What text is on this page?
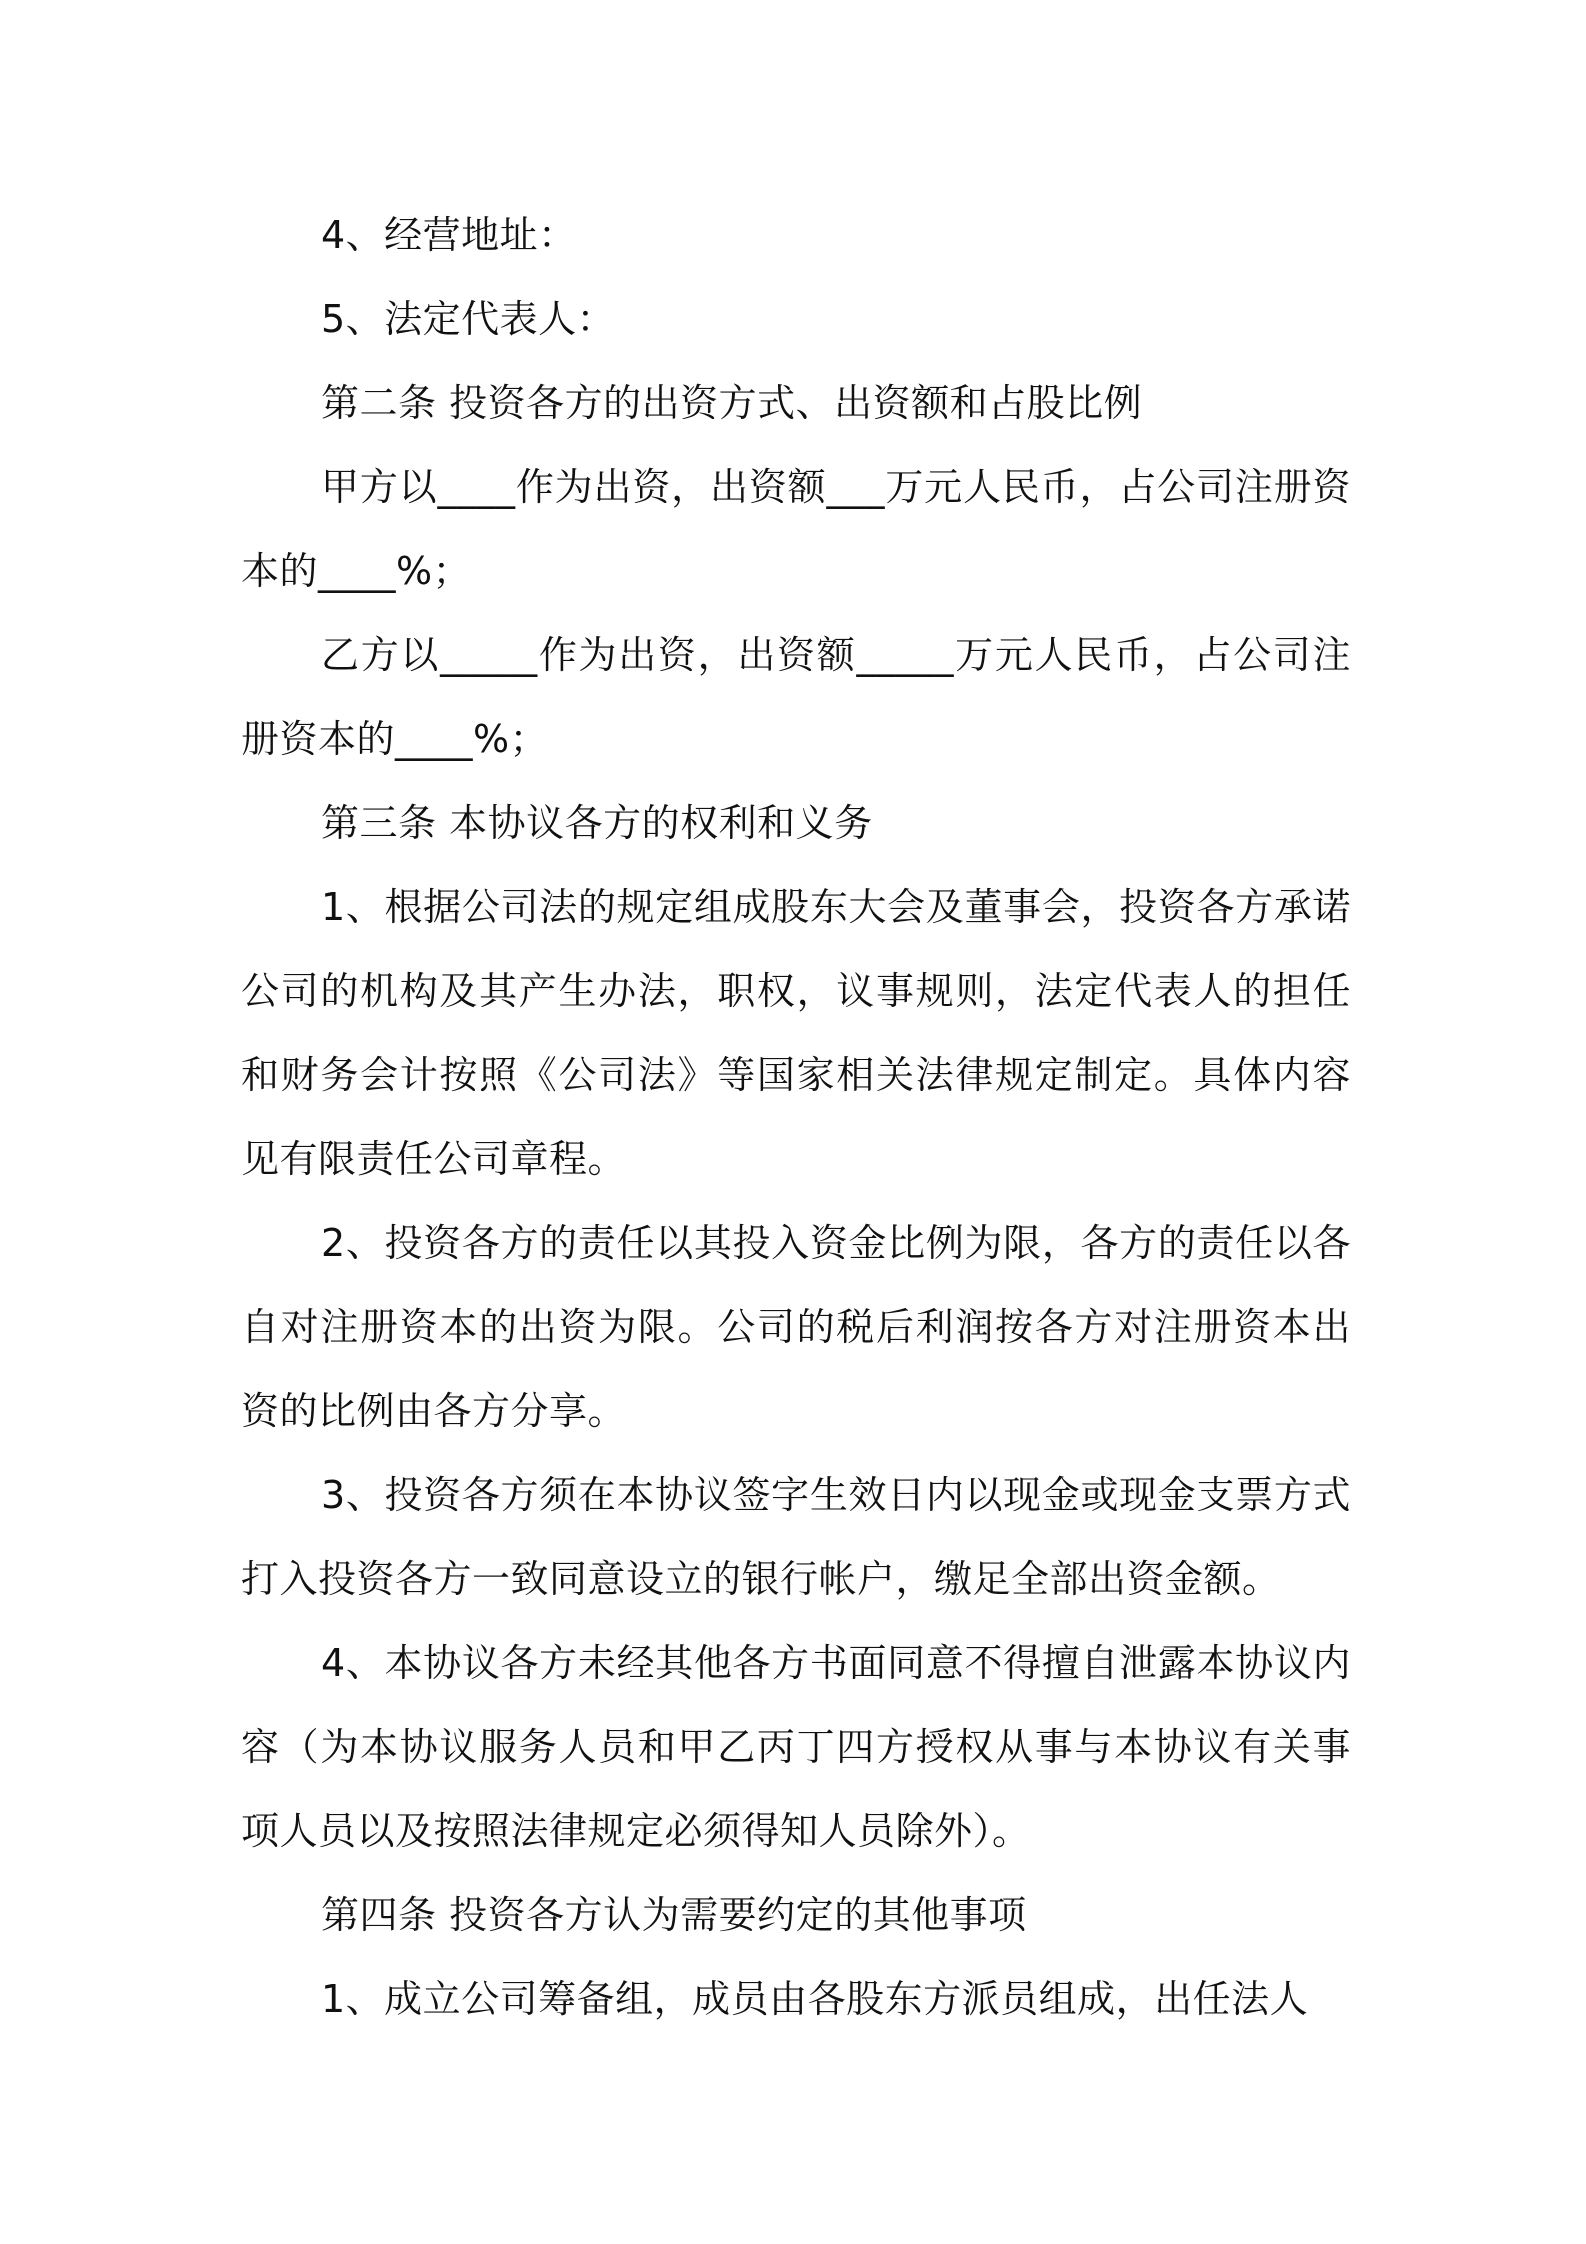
4、经营地址：

5、法定代表人：

第二条 投资各方的出资方式、出资额和占股比例

甲方以____作为出资，出资额___万元人民币，占公司注册资本的____%；

乙方以_____作为出资，出资额_____万元人民币，占公司注册资本的____%；

第三条 本协议各方的权利和义务

1、根据公司法的规定组成股东大会及董事会，投资各方承诺公司的机构及其产生办法，职权，议事规则，法定代表人的担任和财务会计按照《公司法》等国家相关法律规定制定。具体内容见有限责任公司章程。

2、投资各方的责任以其投入资金比例为限，各方的责任以各自对注册资本的出资为限。公司的税后利润按各方对注册资本出资的比例由各方分享。

3、投资各方须在本协议签字生效日内以现金或现金支票方式打入投资各方一致同意设立的银行帐户，缴足全部出资金额。

4、本协议各方未经其他各方书面同意不得擅自泄露本协议内容（为本协议服务人员和甲乙丙丁四方授权从事与本协议有关事项人员以及按照法律规定必须得知人员除外）。

第四条 投资各方认为需要约定的其他事项

1、成立公司筹备组，成员由各股东方派员组成，出任法人
